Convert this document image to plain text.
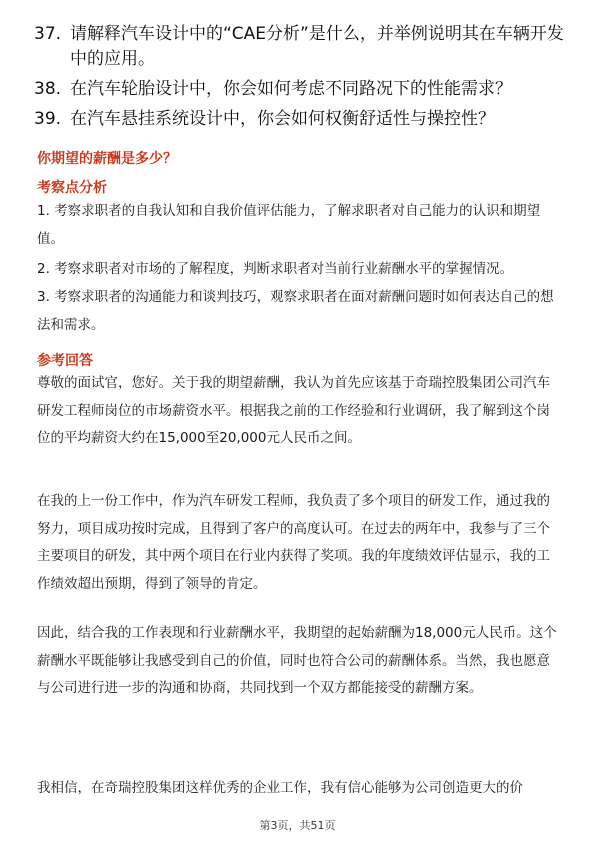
37. 请解释汽车设计中的“CAE分析”是什么，并举例说明其在车辆开发中的应用。
38. 在汽车轮胎设计中，你会如何考虑不同路况下的性能需求？
39. 在汽车悬挂系统设计中，你会如何权衡舒适性与操控性？
你期望的薪酬是多少？
考察点分析
1. 考察求职者的自我认知和自我价值评估能力，了解求职者对自己能力的认识和期望值。
2. 考察求职者对市场的了解程度，判断求职者对当前行业薪酬水平的掌握情况。
3. 考察求职者的沟通能力和谈判技巧，观察求职者在面对薪酬问题时如何表达自己的想法和需求。
参考回答
尊敬的面试官，您好。关于我的期望薪酬，我认为首先应该基于奇瑞控股集团公司汽车研发工程师岗位的市场薪资水平。根据我之前的工作经验和行业调研，我了解到这个岗位的平均薪资大约在15,000至20,000元人民币之间。
在我的上一份工作中，作为汽车研发工程师，我负责了多个项目的研发工作，通过我的努力，项目成功按时完成，且得到了客户的高度认可。在过去的两年中，我参与了三个主要项目的研发，其中两个项目在行业内获得了奖项。我的年度绩效评估显示，我的工作绩效超出预期，得到了领导的肯定。
因此，结合我的工作表现和行业薪酬水平，我期望的起始薪酬为18,000元人民币。这个薪酬水平既能够让我感受到自己的价值，同时也符合公司的薪酬体系。当然，我也愿意与公司进行进一步的沟通和协商，共同找到一个双方都能接受的薪酬方案。
我相信，在奇瑞控股集团这样优秀的企业工作，我有信心能够为公司创造更大的价
第3页，共51页
